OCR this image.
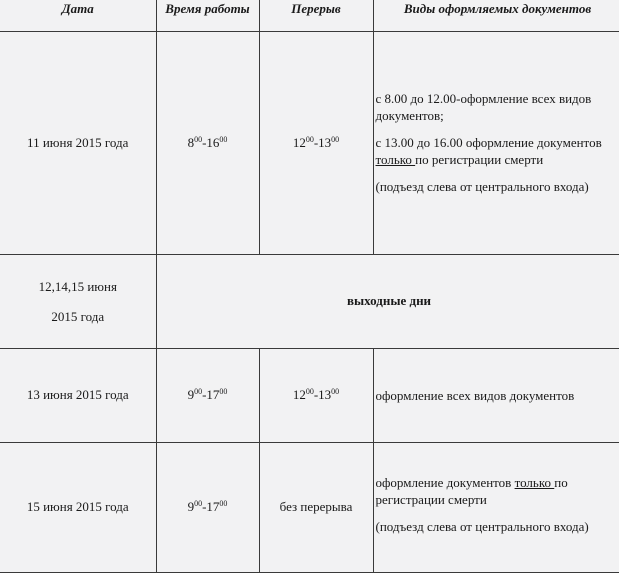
Дата	Время работы	Перерыв	Виды оформляемых документов
11 июня 2015 года	$8^{00}-16^{00}$	$12^{00}-13^{00}$	с 8.00 до 12.00-оформление всех видов документов;

с 13.00 до 16.00 оформление документов только по регистрации смерти

(подъезд слева от центрального входа)

12,14,15 июня
2015 года	выходные дни		
13 июня 2015 года	$9^{00}-17^{00}$	$12^{00}-13^{00}$	оформление всех видов документов

15 июня 2015 года	$9^{00}-17^{00}$	без перерыва	оформление документов только по регистрации смерти

(подъезд слева от центрального входа)
